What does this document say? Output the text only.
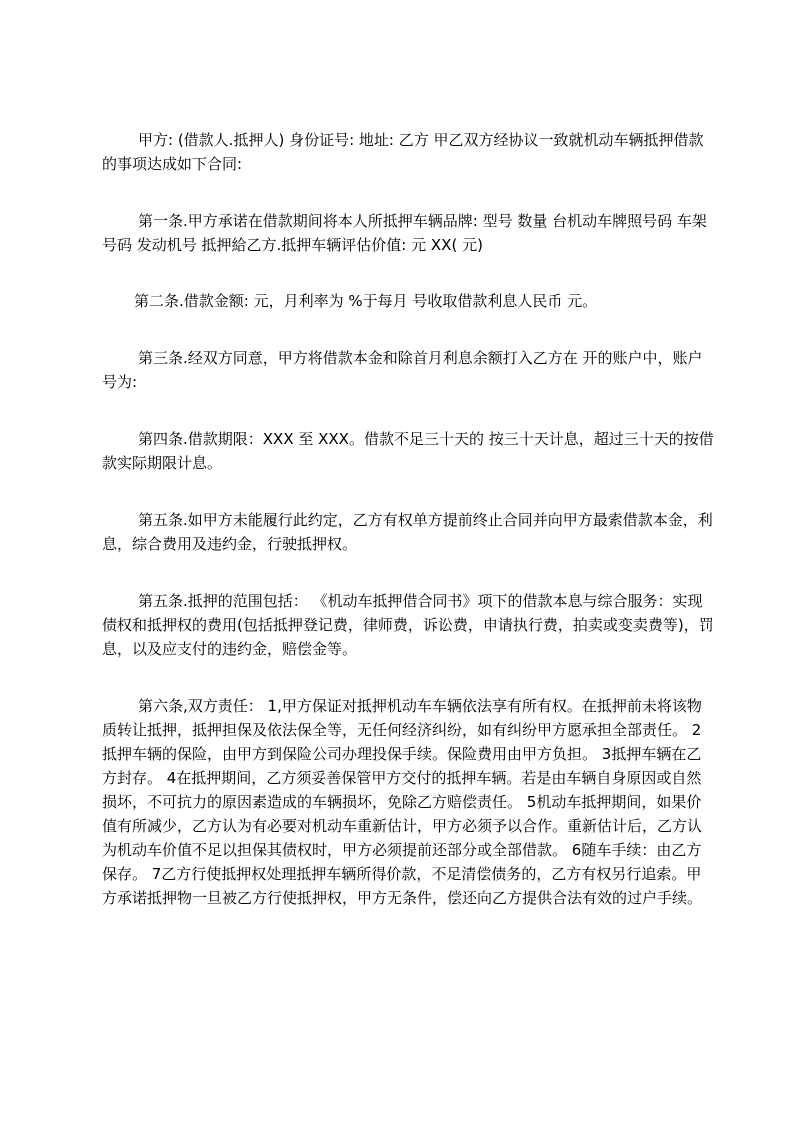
甲方: (借款人.抵押人) 身份证号: 地址: 乙方 甲乙双方经协议一致就机动车辆抵押借款的事项达成如下合同:

第一条.甲方承诺在借款期间将本人所抵押车辆品牌: 型号 数量 台机动车牌照号码 车架号码 发动机号 抵押給乙方.抵押车辆评估价值: 元 XX( 元)

第二条.借款金额: 元，月利率为 %于每月 号收取借款利息人民币 元。

第三条.经双方同意，甲方将借款本金和除首月利息余额打入乙方在 开的账户中，账户号为:

第四条.借款期限：XXX 至 XXX。借款不足三十天的 按三十天计息，超过三十天的按借款实际期限计息。

第五条.如甲方未能履行此约定，乙方有权单方提前终止合同并向甲方最索借款本金，利息，综合费用及违约金，行驶抵押权。

第五条.抵押的范围包括： 《机动车抵押借合同书》项下的借款本息与综合服务：实现债权和抵押权的费用(包括抵押登记费，律师费，诉讼费，申请执行费，拍卖或变卖费等)，罚息，以及应支付的违约金，赔偿金等。

第六条,双方责任： 1,甲方保证对抵押机动车车辆依法享有所有权。在抵押前未将该物质转让抵押，抵押担保及依法保全等，无任何经济纠纷，如有纠纷甲方愿承担全部责任。 2抵押车辆的保险，由甲方到保险公司办理投保手续。保险费用由甲方负担。 3抵押车辆在乙方封存。 4在抵押期间，乙方须妥善保管甲方交付的抵押车辆。若是由车辆自身原因或自然损坏，不可抗力的原因素造成的车辆损坏，免除乙方赔偿责任。 5机动车抵押期间，如果价值有所减少，乙方认为有必要对机动车重新估计，甲方必须予以合作。重新估计后，乙方认为机动车价值不足以担保其债权时，甲方必须提前还部分或全部借款。 6随车手续：由乙方保存。 7乙方行使抵押权处理抵押车辆所得价款，不足清偿债务的，乙方有权另行追索。甲方承诺抵押物一旦被乙方行使抵押权，甲方无条件，偿还向乙方提供合法有效的过户手续。
